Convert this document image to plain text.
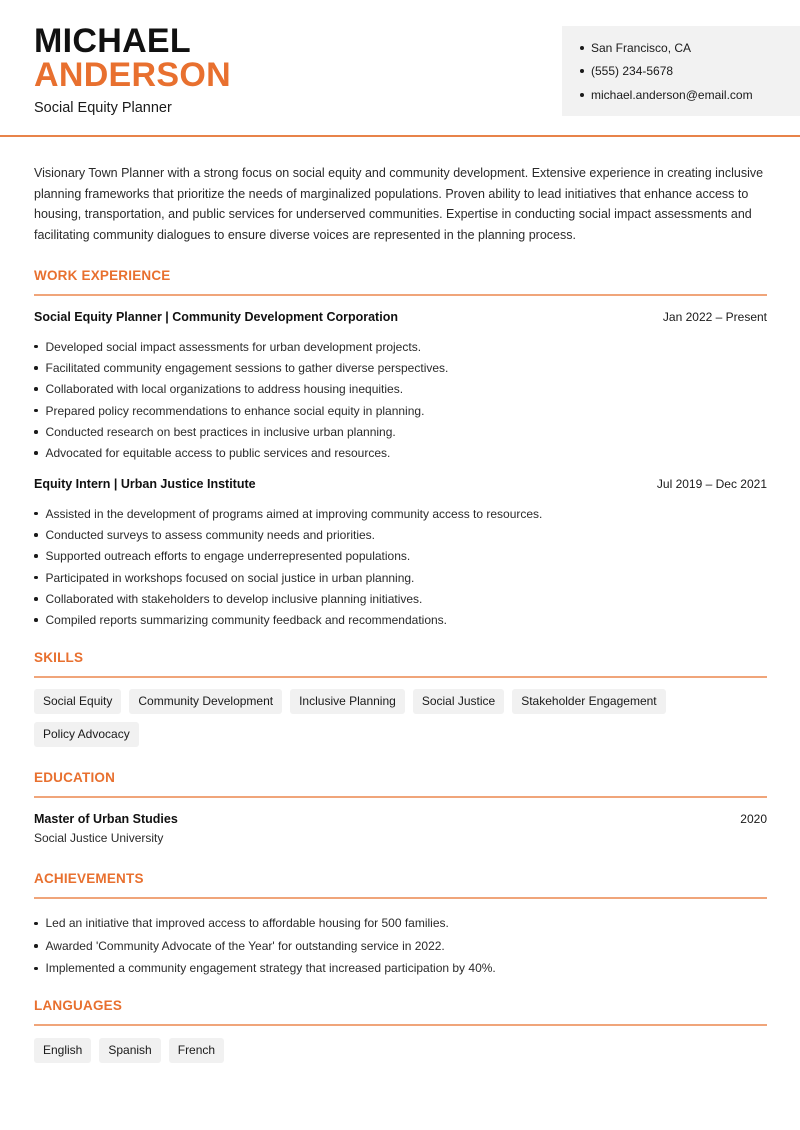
MICHAEL
ANDERSON
Social Equity Planner
San Francisco, CA
(555) 234-5678
michael.anderson@email.com

Visionary Town Planner with a strong focus on social equity and community development. Extensive experience in creating inclusive planning frameworks that prioritize the needs of marginalized populations. Proven ability to lead initiatives that enhance access to housing, transportation, and public services for underserved communities. Expertise in conducting social impact assessments and facilitating community dialogues to ensure diverse voices are represented in the planning process.

WORK EXPERIENCE
Social Equity Planner | Community Development Corporation	Jan 2022 – Present
Developed social impact assessments for urban development projects.
Facilitated community engagement sessions to gather diverse perspectives.
Collaborated with local organizations to address housing inequities.
Prepared policy recommendations to enhance social equity in planning.
Conducted research on best practices in inclusive urban planning.
Advocated for equitable access to public services and resources.
Equity Intern | Urban Justice Institute	Jul 2019 – Dec 2021
Assisted in the development of programs aimed at improving community access to resources.
Conducted surveys to assess community needs and priorities.
Supported outreach efforts to engage underrepresented populations.
Participated in workshops focused on social justice in urban planning.
Collaborated with stakeholders to develop inclusive planning initiatives.
Compiled reports summarizing community feedback and recommendations.
SKILLS
Social Equity	Community Development	Inclusive Planning	Social Justice	Stakeholder Engagement
Policy Advocacy
EDUCATION
Master of Urban Studies	2020
Social Justice University
ACHIEVEMENTS
Led an initiative that improved access to affordable housing for 500 families.
Awarded 'Community Advocate of the Year' for outstanding service in 2022.
Implemented a community engagement strategy that increased participation by 40%.
LANGUAGES
English	Spanish	French
